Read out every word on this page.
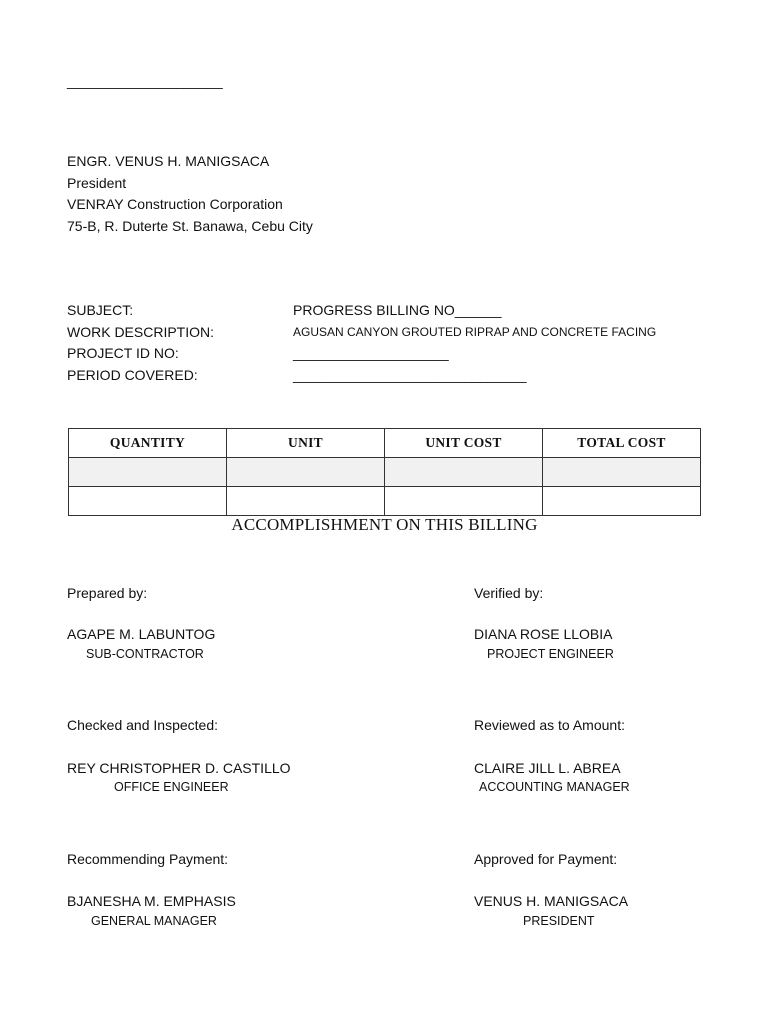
____________________
ENGR. VENUS H. MANIGSACA
President
VENRAY Construction Corporation
75-B, R. Duterte St. Banawa, Cebu City
SUBJECT:	PROGRESS BILLING NO______
WORK DESCRIPTION:	AGUSAN CANYON GROUTED RIPRAP AND CONCRETE FACING
PROJECT ID NO:	____________________
PERIOD COVERED:	______________________________
QUANTITY	UNIT	UNIT COST	TOTAL COST

ACCOMPLISHMENT ON THIS BILLING
Prepared by:
AGAPE M. LABUNTOG
SUB-CONTRACTOR
Checked and Inspected:
REY CHRISTOPHER D. CASTILLO
OFFICE ENGINEER
Recommending Payment:
BJANESHA M. EMPHASIS
GENERAL MANAGER
Verified by:
DIANA ROSE LLOBIA
PROJECT ENGINEER
Reviewed as to Amount:
CLAIRE JILL L. ABREA
ACCOUNTING MANAGER
Approved for Payment:
VENUS H. MANIGSACA
PRESIDENT
